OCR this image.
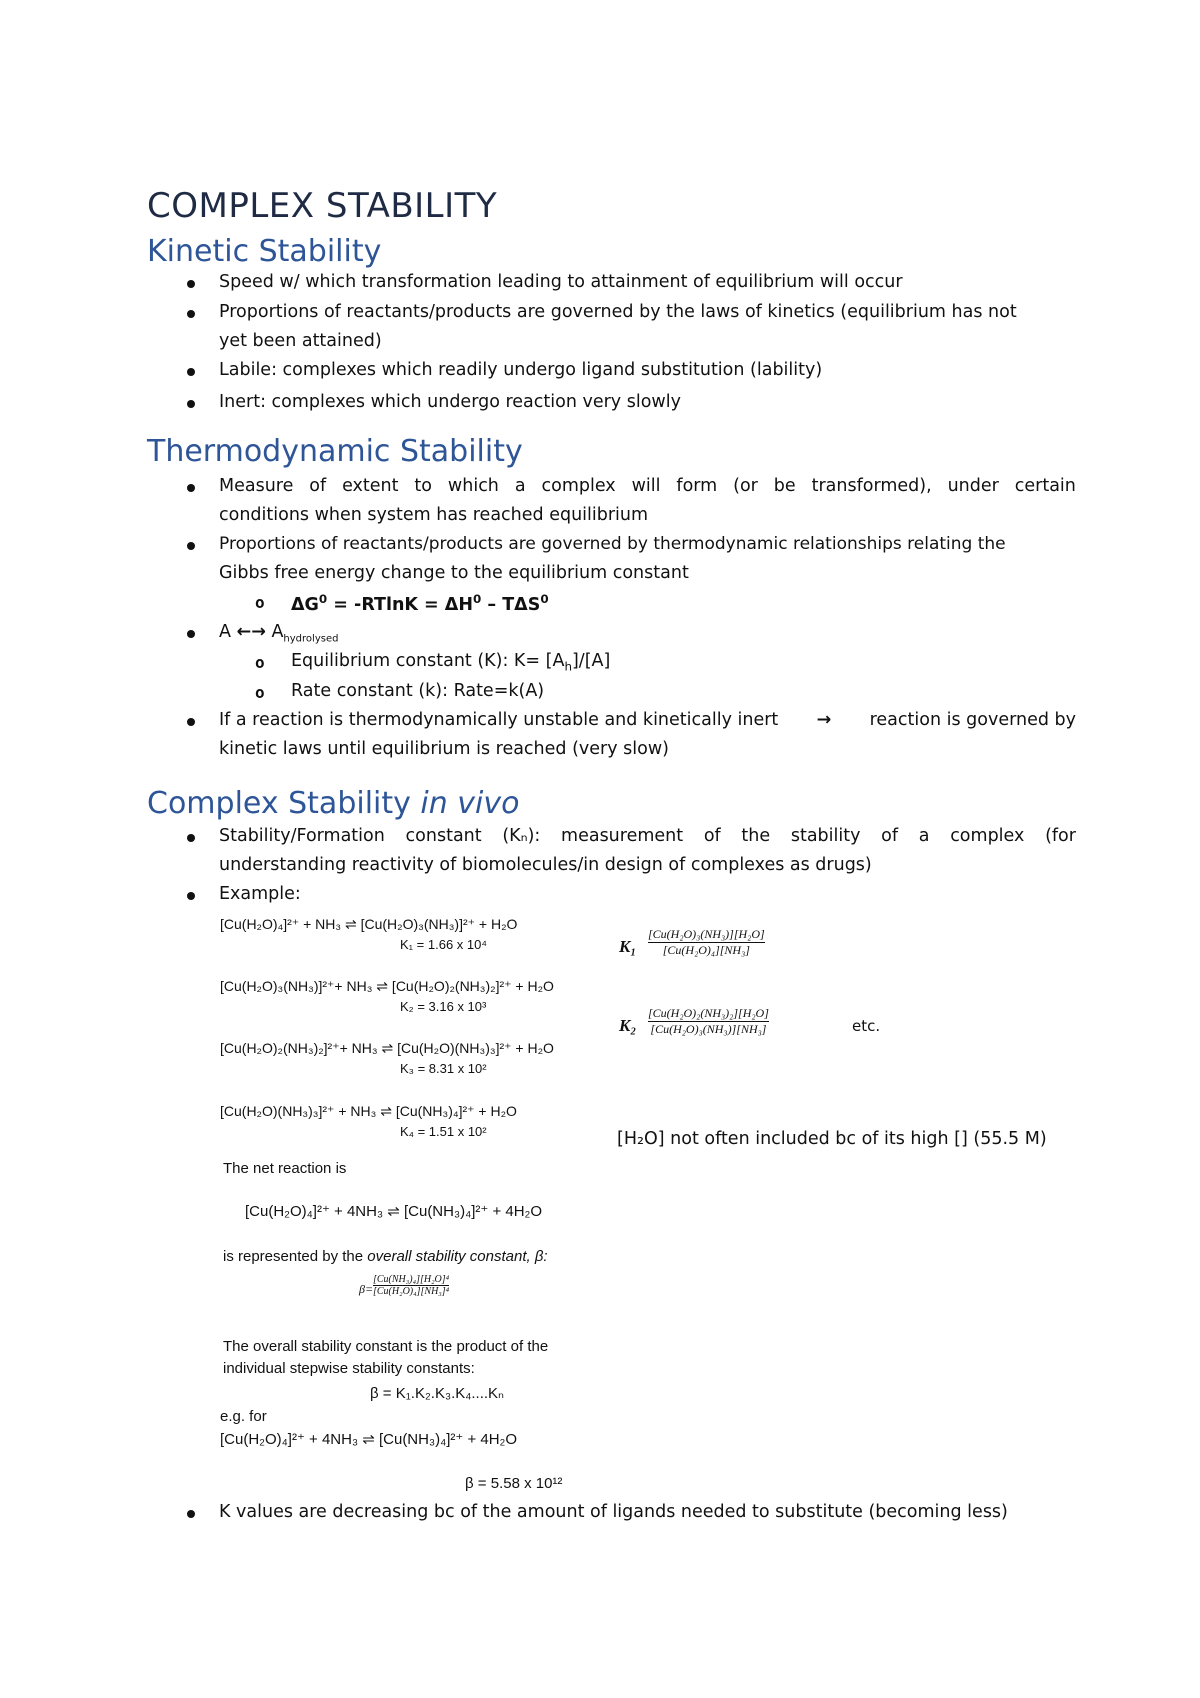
COMPLEX STABILITY
Kinetic Stability
Speed w/ which transformation leading to attainment of equilibrium will occur
Proportions of reactants/products are governed by the laws of kinetics (equilibrium has not
yet been attained)
Labile: complexes which readily undergo ligand substitution (lability)
Inert: complexes which undergo reaction very slowly
Thermodynamic Stability
Measure of extent to which a complex will form (or be transformed), under certain
conditions when system has reached equilibrium
Proportions of reactants/products are governed by thermodynamic relationships relating the
Gibbs free energy change to the equilibrium constant
o $\Delta G^0 = -RTlnK = \Delta H^0 - T\Delta S^0$
A ←→ $A_{hydrolysed}$
o Equilibrium constant (K): $K= [A_h]/[A]$
o Rate constant (k): Rate=k(A)
If a reaction is thermodynamically unstable and kinetically inert → reaction is governed by
kinetic laws until equilibrium is reached (very slow)
Complex Stability in vivo
Stability/Formation constant (Kₙ): measurement of the stability of a complex (for
understanding reactivity of biomolecules/in design of complexes as drugs)
Example:
[Cu(H₂O)₄]²⁺ + NH₃ ⇌ [Cu(H₂O)₃(NH₃)]²⁺ + H₂O
K₁ = 1.66 x 10⁴
[Cu(H₂O)₃(NH₃)]²⁺+ NH₃ ⇌ [Cu(H₂O)₂(NH₃)₂]²⁺ + H₂O
K₂ = 3.16 x 10³
[Cu(H₂O)₂(NH₃)₂]²⁺+ NH₃ ⇌ [Cu(H₂O)(NH₃)₃]²⁺ + H₂O
K₃ = 8.31 x 10²
[Cu(H₂O)(NH₃)₃]²⁺ + NH₃ ⇌ [Cu(NH₃)₄]²⁺ + H₂O
K₄ = 1.51 x 10²
K₁
[Cu(H₂O)₃(NH₃)][H₂O]
[Cu(H₂O)₄][NH₃]
K₂
[Cu(H₂O)₂(NH₃)₂][H₂O]
[Cu(H₂O)₃(NH₃)][NH₃]	etc.
[H₂O] not often included bc of its high [] (55.5 M)
The net reaction is
[Cu(H₂O)₄]²⁺ + 4NH₃ ⇌ [Cu(NH₃)₄]²⁺ + 4H₂O
is represented by the overall stability constant, β:
β=
[Cu(NH₃)₄][H₂O]⁴
[Cu(H₂O)₄][NH₃]⁴
The overall stability constant is the product of the
individual stepwise stability constants:
β = K₁.K₂.K₃.K₄....Kₙ
e.g. for
[Cu(H₂O)₄]²⁺ + 4NH₃ ⇌ [Cu(NH₃)₄]²⁺ + 4H₂O
β = 5.58 x 10¹²
K values are decreasing bc of the amount of ligands needed to substitute (becoming less)
